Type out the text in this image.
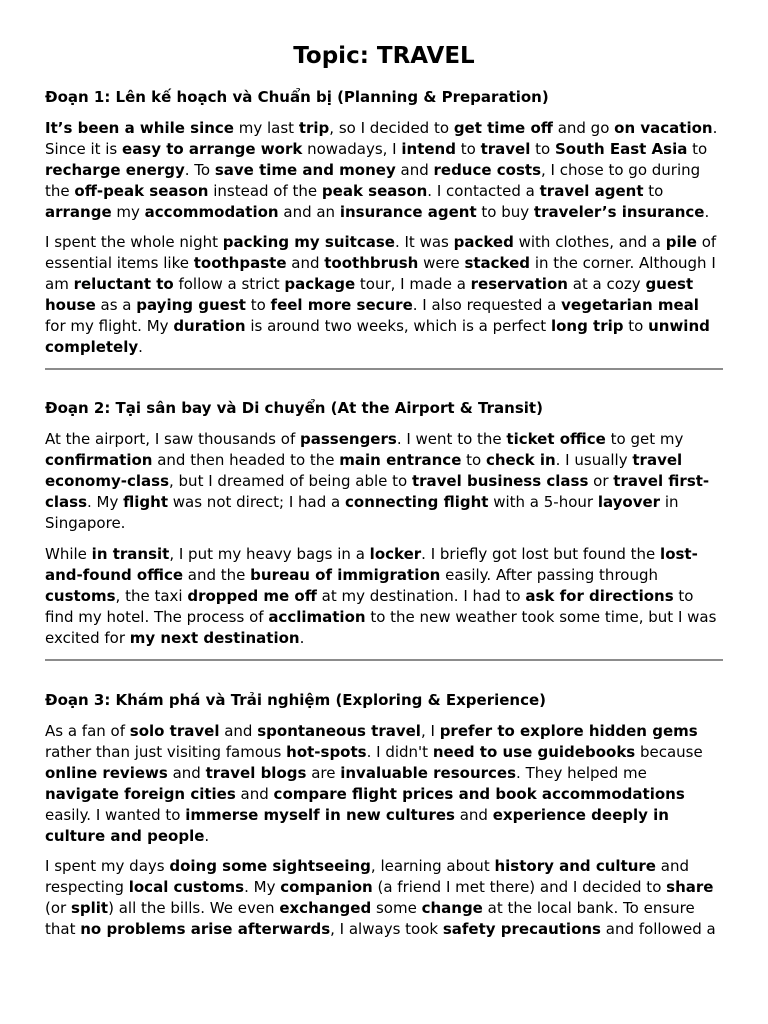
Topic: TRAVEL

Đoạn 1: Lên kế hoạch và Chuẩn bị (Planning & Preparation)

It’s been a while since my last trip, so I decided to get time off and go on vacation. Since it is easy to arrange work nowadays, I intend to travel to South East Asia to recharge energy. To save time and money and reduce costs, I chose to go during the off-peak season instead of the peak season. I contacted a travel agent to arrange my accommodation and an insurance agent to buy traveler’s insurance.

I spent the whole night packing my suitcase. It was packed with clothes, and a pile of essential items like toothpaste and toothbrush were stacked in the corner. Although I am reluctant to follow a strict package tour, I made a reservation at a cozy guest house as a paying guest to feel more secure. I also requested a vegetarian meal for my flight. My duration is around two weeks, which is a perfect long trip to unwind completely.

Đoạn 2: Tại sân bay và Di chuyển (At the Airport & Transit)

At the airport, I saw thousands of passengers. I went to the ticket office to get my confirmation and then headed to the main entrance to check in. I usually travel economy-class, but I dreamed of being able to travel business class or travel first-class. My flight was not direct; I had a connecting flight with a 5-hour layover in Singapore.

While in transit, I put my heavy bags in a locker. I briefly got lost but found the lost-and-found office and the bureau of immigration easily. After passing through customs, the taxi dropped me off at my destination. I had to ask for directions to find my hotel. The process of acclimation to the new weather took some time, but I was excited for my next destination.

Đoạn 3: Khám phá và Trải nghiệm (Exploring & Experience)

As a fan of solo travel and spontaneous travel, I prefer to explore hidden gems rather than just visiting famous hot-spots. I didn't need to use guidebooks because online reviews and travel blogs are invaluable resources. They helped me navigate foreign cities and compare flight prices and book accommodations easily. I wanted to immerse myself in new cultures and experience deeply in culture and people.

I spent my days doing some sightseeing, learning about history and culture and respecting local customs. My companion (a friend I met there) and I decided to share (or split) all the bills. We even exchanged some change at the local bank. To ensure that no problems arise afterwards, I always took safety precautions and followed a
